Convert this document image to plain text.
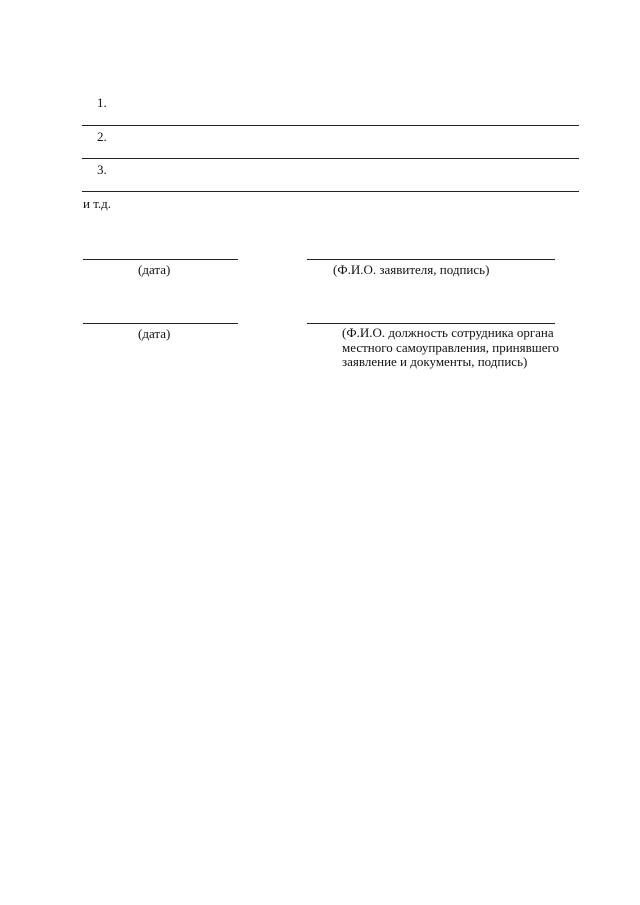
1.
2.
3.
и т.д.
(дата)	(Ф.И.О. заявителя, подпись)
(дата)	(Ф.И.О. должность сотрудника органа
местного самоуправления, принявшего
заявление и документы, подпись)
